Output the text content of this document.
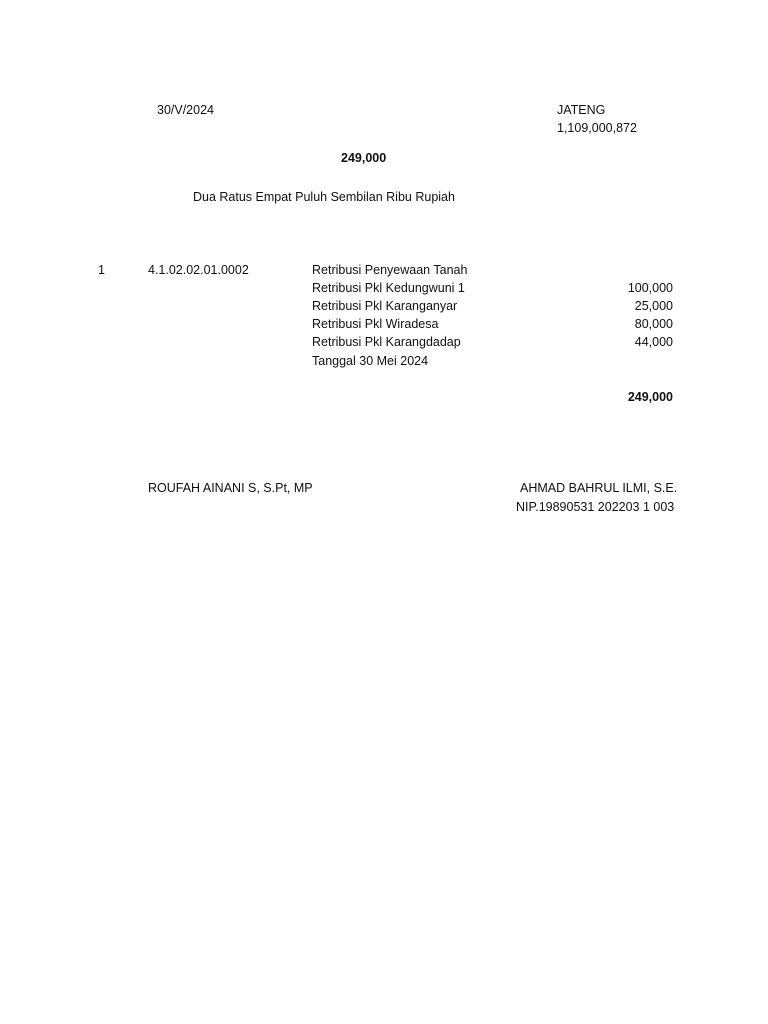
30/V/2024	JATENG
1,109,000,872
249,000
Dua Ratus Empat Puluh Sembilan Ribu Rupiah
1	4.1.02.02.01.0002	Retribusi Penyewaan Tanah
Retribusi Pkl Kedungwuni 1	100,000
Retribusi Pkl Karanganyar	25,000
Retribusi Pkl Wiradesa	80,000
Retribusi Pkl Karangdadap	44,000
Tanggal 30 Mei 2024
249,000
ROUFAH AINANI S, S.Pt, MP	AHMAD BAHRUL ILMI, S.E.
NIP.19890531 202203 1 003
